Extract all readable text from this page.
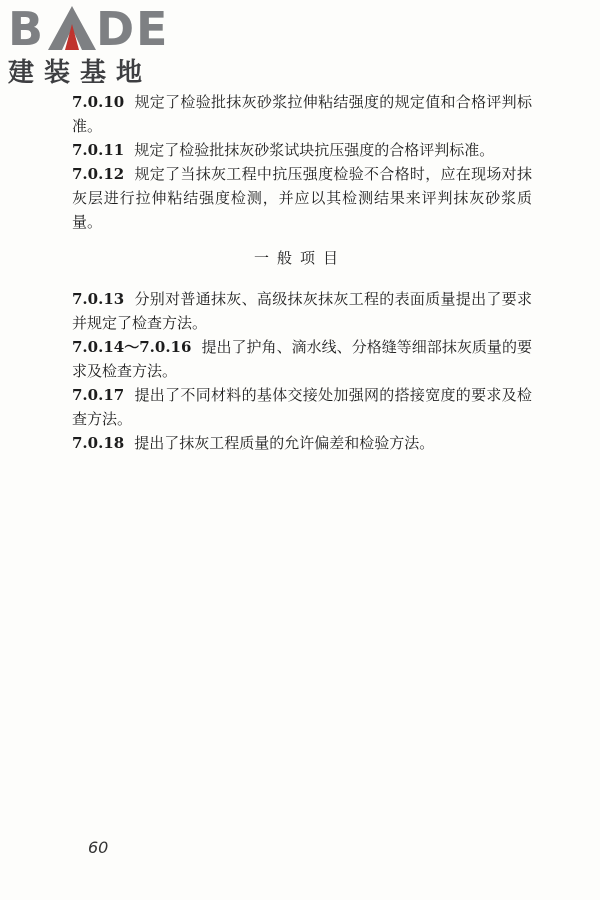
B D E
建装基地

7.0.10 规定了检验批抹灰砂浆拉伸粘结强度的规定值和合格评判标准。

7.0.11 规定了检验批抹灰砂浆试块抗压强度的合格评判标准。

7.0.12 规定了当抹灰工程中抗压强度检验不合格时，应在现场对抹灰层进行拉伸粘结强度检测，并应以其检测结果来评判抹灰砂浆质量。

一般项目

7.0.13 分别对普通抹灰、高级抹灰抹灰工程的表面质量提出了要求并规定了检查方法。

7.0.14～7.0.16 提出了护角、滴水线、分格缝等细部抹灰质量的要求及检查方法。

7.0.17 提出了不同材料的基体交接处加强网的搭接宽度的要求及检查方法。

7.0.18 提出了抹灰工程质量的允许偏差和检验方法。

60
